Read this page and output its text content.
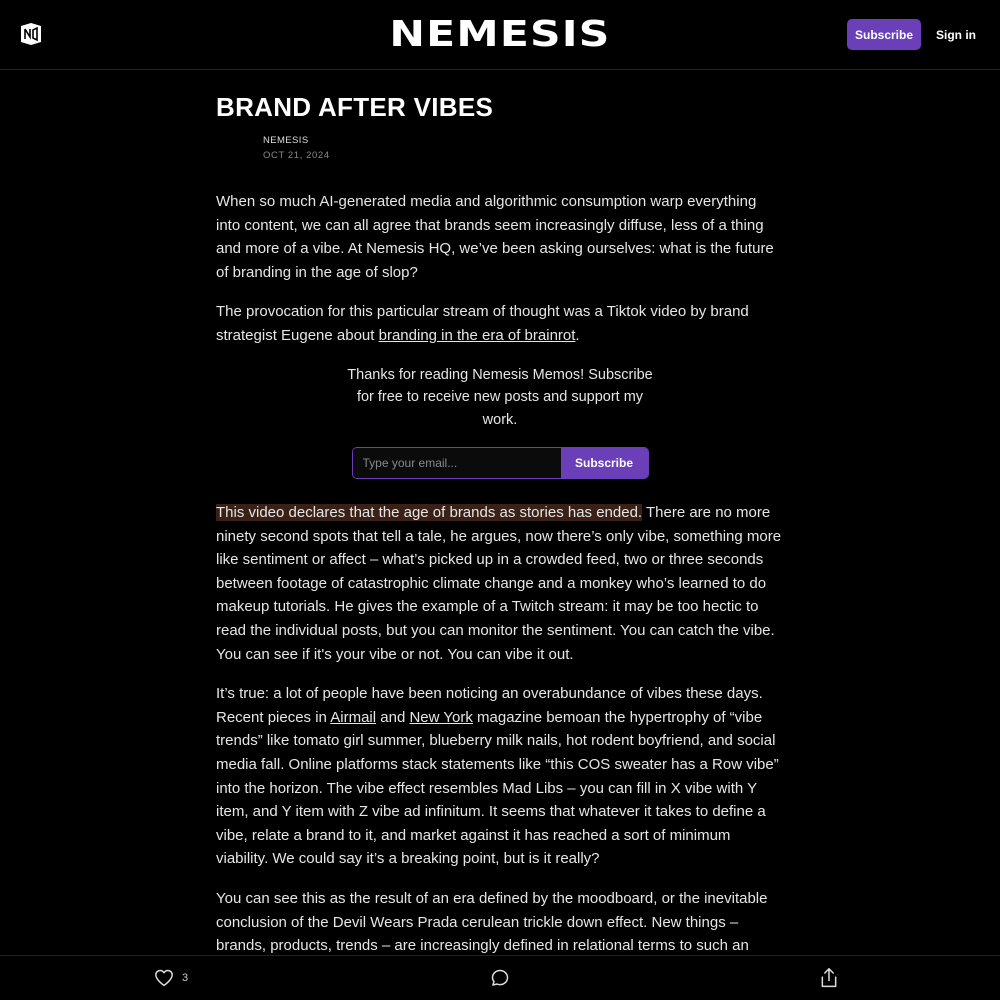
NEMESIS	Subscribe	Sign in
BRAND AFTER VIBES
NEMESIS
OCT 21, 2024

When so much AI-generated media and algorithmic consumption warp everything into content, we can all agree that brands seem increasingly diffuse, less of a thing and more of a vibe. At Nemesis HQ, we’ve been asking ourselves: what is the future of branding in the age of slop?

The provocation for this particular stream of thought was a Tiktok video by brand strategist Eugene about branding in the era of brainrot.

Thanks for reading Nemesis Memos! Subscribe for free to receive new posts and support my work.
Type your email...
Subscribe

This video declares that the age of brands as stories has ended. There are no more ninety second spots that tell a tale, he argues, now there’s only vibe, something more like sentiment or affect – what’s picked up in a crowded feed, two or three seconds between footage of catastrophic climate change and a monkey who’s learned to do makeup tutorials. He gives the example of a Twitch stream: it may be too hectic to read the individual posts, but you can monitor the sentiment. You can catch the vibe. You can see if it's your vibe or not. You can vibe it out.

It’s true: a lot of people have been noticing an overabundance of vibes these days. Recent pieces in Airmail and New York magazine bemoan the hypertrophy of “vibe trends” like tomato girl summer, blueberry milk nails, hot rodent boyfriend, and social media fall. Online platforms stack statements like “this COS sweater has a Row vibe” into the horizon. The vibe effect resembles Mad Libs – you can fill in X vibe with Y item, and Y item with Z vibe ad infinitum. It seems that whatever it takes to define a vibe, relate a brand to it, and market against it has reached a sort of minimum viability. We could say it’s a breaking point, but is it really?

You can see this as the result of an era defined by the moodboard, or the inevitable conclusion of the Devil Wears Prada cerulean trickle down effect. New things – brands, products, trends – are increasingly defined in relational terms to such an

3
